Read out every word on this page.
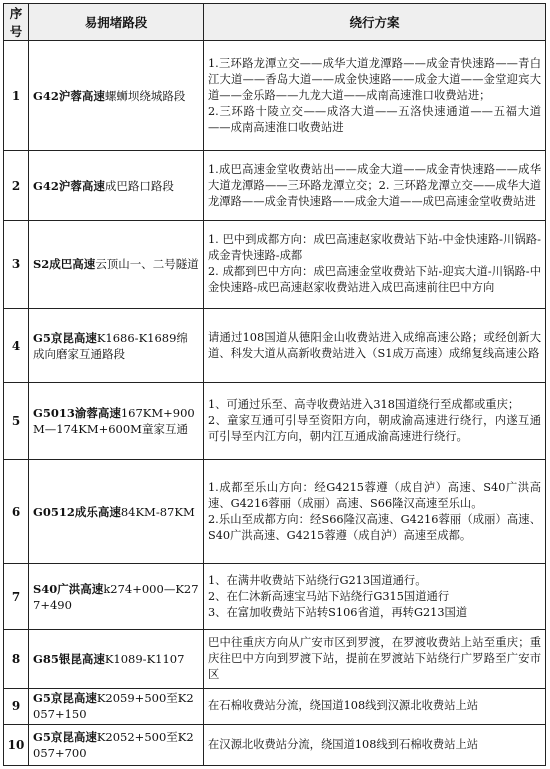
序号	易拥堵路段	绕行方案
1	G42沪蓉高速螺蛳坝绕城路段	1.三环路龙潭立交——成华大道龙潭路——成金青快速路——青白江大道——香岛大道——成金快速路——成金大道——金堂迎宾大道——金乐路——九龙大道——成南高速淮口收费站进；
2.三环路十陵立交——成洛大道——五洛快速通道——五福大道——成南高速淮口收费站进

2	G42沪蓉高速成巴路口路段	1.成巴高速金堂收费站出——成金大道——成金青快速路——成华大道龙潭路——三环路龙潭立交；2. 三环路龙潭立交——成华大道龙潭路——成金青快速路——成金大道——成巴高速金堂收费站进

3	S2成巴高速云顶山一、二号隧道	1. 巴中到成都方向：成巴高速赵家收费站下站-中金快速路-川锅路-成金青快速路-成都
2. 成都到巴中方向：成巴高速金堂收费站下站-迎宾大道-川锅路-中金快速路-成巴高速赵家收费站进入成巴高速前往巴中方向

4	G5京昆高速K1686-K1689绵成向磨家互通路段	请通过108国道从德阳金山收费站进入成绵高速公路；或经创新大道、科发大道从高新收费站进入（S1成万高速）成绵复线高速公路

5	G5013渝蓉高速167KM+900M—174KM+600M童家互通	1、可通过乐至、高寺收费站进入318国道绕行至成都或重庆；
2、童家互通可引导至资阳方向，朝成渝高速进行绕行，内遂互通可引导至内江方向，朝内江互通成渝高速进行绕行。

6	G0512成乐高速84KM-87KM	1.成都至乐山方向：经G4215蓉遵（成自泸）高速、S40广洪高速、G4216蓉丽（成丽）高速、S66隆汉高速至乐山。
2.乐山至成都方向：经S66隆汉高速、G4216蓉丽（成丽）高速、S40广洪高速、G4215蓉遵（成自泸）高速至成都。

7	S40广洪高速k274+000—K277+490	1、在满井收费站下站绕行G213国道通行。
2、在仁沐新高速宝马站下站绕行G315国道通行
3、在富加收费站下站转S106省道，再转G213国道

8	G85银昆高速K1089-K1107	巴中往重庆方向从广安市区到罗渡，在罗渡收费站上站至重庆；重庆往巴中方向到罗渡下站，提前在罗渡站下站绕行广罗路至广安市区

9	G5京昆高速K2059+500至K2057+150	在石棉收费站分流，绕国道108线到汉源北收费站上站

10	G5京昆高速K2052+500至K2057+700	在汉源北收费站分流，绕国道108线到石棉收费站上站
